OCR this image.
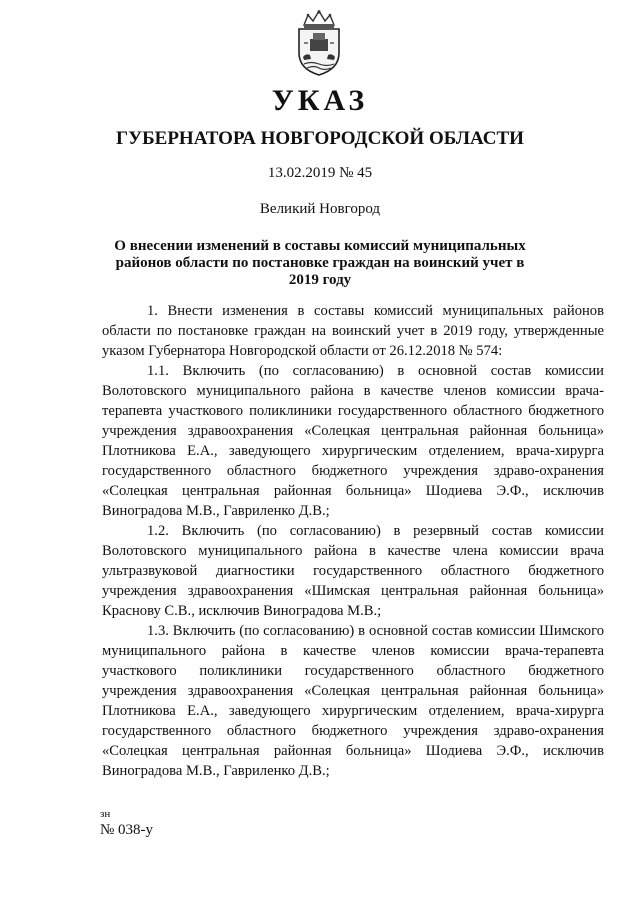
УКАЗ
ГУБЕРНАТОРА НОВГОРОДСКОЙ ОБЛАСТИ
13.02.2019 № 45
Великий Новгород
О внесении изменений в составы комиссий муниципальных районов области по постановке граждан на воинский учет в 2019 году

1. Внести изменения в составы комиссий муниципальных районов области по постановке граждан на воинский учет в 2019 году, утвержденные указом Губернатора Новгородской области от 26.12.2018 № 574:

1.1. Включить (по согласованию) в основной состав комиссии Волотовского муниципального района в качестве членов комиссии врача-терапевта участкового поликлиники государственного областного бюджетного учреждения здравоохранения «Солецкая центральная районная больница» Плотникова Е.А., заведующего хирургическим отделением, врача-хирурга государственного областного бюджетного учреждения здраво-охранения «Солецкая центральная районная больница» Шодиева Э.Ф., исключив Виноградова М.В., Гавриленко Д.В.;

1.2. Включить (по согласованию) в резервный состав комиссии Волотовского муниципального района в качестве члена комиссии врача ультразвуковой диагностики государственного областного бюджетного учреждения здравоохранения «Шимская центральная районная больница» Краснову С.В., исключив Виноградова М.В.;

1.3. Включить (по согласованию) в основной состав комиссии Шимского муниципального района в качестве членов комиссии врача-терапевта участкового поликлиники государственного областного бюджетного учреждения здравоохранения «Солецкая центральная районная больница» Плотникова Е.А., заведующего хирургическим отделением, врача-хирурга государственного областного бюджетного учреждения здраво-охранения «Солецкая центральная районная больница» Шодиева Э.Ф., исключив Виноградова М.В., Гавриленко Д.В.;

зн
№ 038-у
